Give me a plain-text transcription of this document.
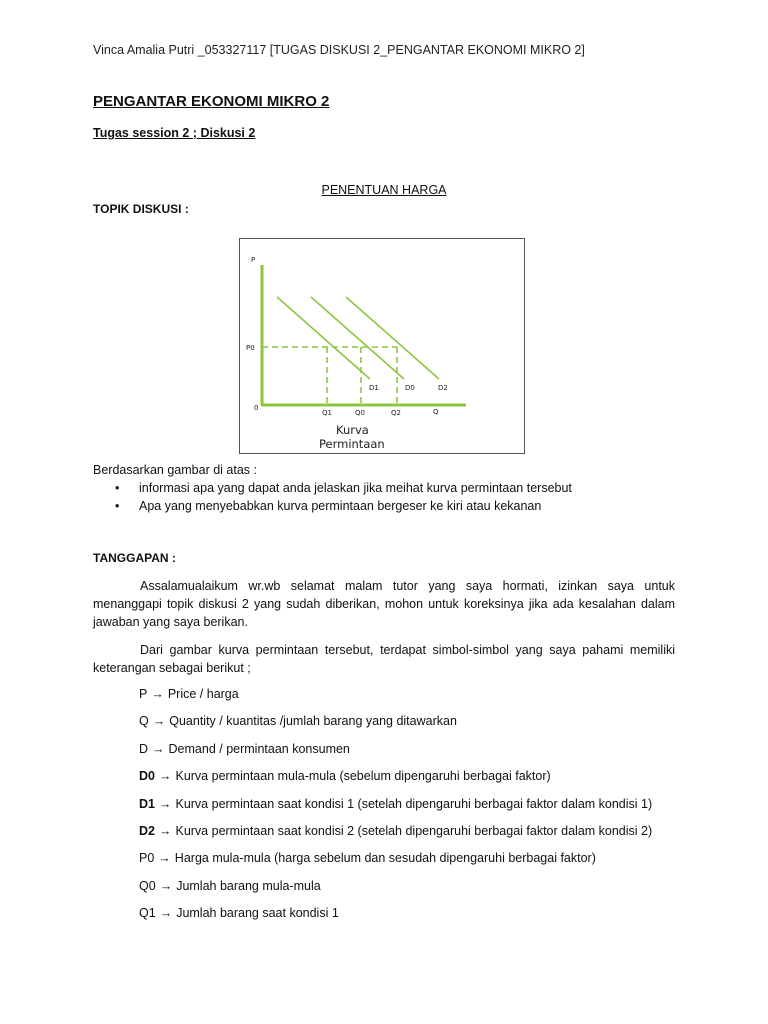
Vinca Amalia Putri _053327117 [TUGAS DISKUSI 2_PENGANTAR EKONOMI MIKRO 2]
PENGANTAR EKONOMI MIKRO 2
Tugas session 2 ; Diskusi 2
PENENTUAN HARGA
TOPIK DISKUSI :
P
P0
0
Q1	Q0	Q2	Q
D1	D0	D2
Kurva
Permintaan
Berdasarkan gambar di atas :
• informasi apa yang dapat anda jelaskan jika meihat kurva permintaan tersebut
• Apa yang menyebabkan kurva permintaan bergeser ke kiri atau kekanan
TANGGAPAN :

Assalamualaikum wr.wb selamat malam tutor yang saya hormati, izinkan saya untuk menanggapi topik diskusi 2 yang sudah diberikan, mohon untuk koreksinya jika ada kesalahan dalam jawaban yang saya berikan.

Dari gambar kurva permintaan tersebut, terdapat simbol-simbol yang saya pahami memiliki keterangan sebagai berikut ;

P → Price / harga
Q → Quantity / kuantitas /jumlah barang yang ditawarkan
D → Demand / permintaan konsumen
D0 → Kurva permintaan mula-mula (sebelum dipengaruhi berbagai faktor)
D1 → Kurva permintaan saat kondisi 1 (setelah dipengaruhi berbagai faktor dalam kondisi 1)
D2 → Kurva permintaan saat kondisi 2 (setelah dipengaruhi berbagai faktor dalam kondisi 2)
P0 → Harga mula-mula (harga sebelum dan sesudah dipengaruhi berbagai faktor)
Q0 → Jumlah barang mula-mula
Q1 → Jumlah barang saat kondisi 1
